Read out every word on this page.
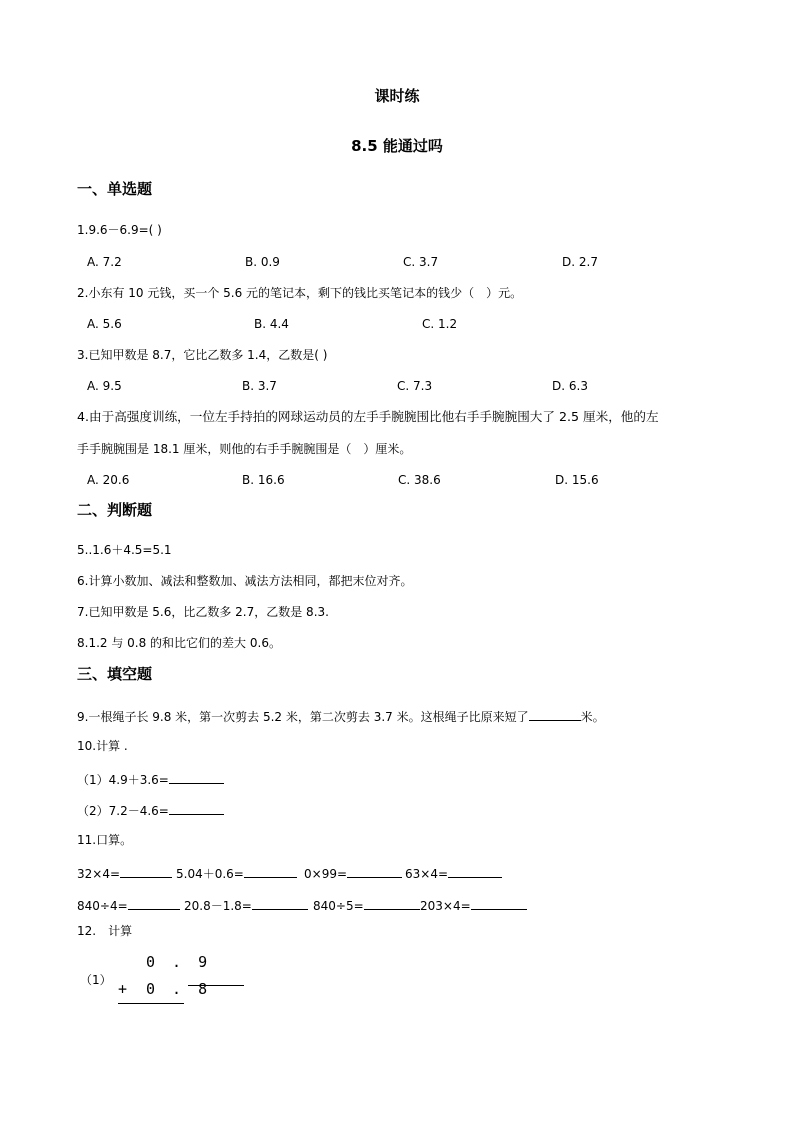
课时练
8.5 能通过吗
一、单选题
1.9.6－6.9=( )
A. 7.2	B. 0.9	C. 3.7	D. 2.7
2.小东有 10 元钱，买一个 5.6 元的笔记本，剩下的钱比买笔记本的钱少（　）元。
A. 5.6	B. 4.4	C. 1.2
3.已知甲数是 8.7，它比乙数多 1.4，乙数是( )
A. 9.5	B. 3.7	C. 7.3	D. 6.3
4.由于高强度训练，一位左手持拍的网球运动员的左手手腕腕围比他右手手腕腕围大了 2.5 厘米，他的左
手手腕腕围是 18.1 厘米，则他的右手手腕腕围是（　）厘米。
A. 20.6	B. 16.6	C. 38.6	D. 15.6
二、判断题
5..1.6＋4.5=5.1
6.计算小数加、减法和整数加、减法方法相同，都把末位对齐。
7.已知甲数是 5.6，比乙数多 2.7，乙数是 8.3.
8.1.2 与 0.8 的和比它们的差大 0.6。
三、填空题
9.一根绳子长 9.8 米，第一次剪去 5.2 米，第二次剪去 3.7 米。这根绳子比原来短了	米。
10.计算 .
（1）4.9＋3.6=
（2）7.2－4.6=
11.口算。
32×4=	5.04＋0.6=	0×99=	63×4=
840÷4=	20.8－1.8=	840÷5=	203×4=
12.　计算
（1）
0 . 9
+ 0 . 8
